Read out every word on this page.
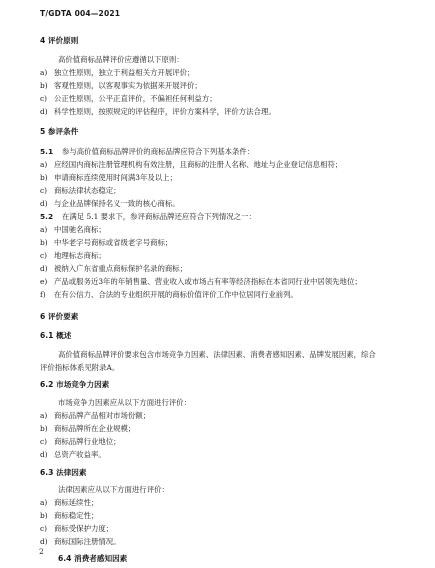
T/GDTA 004—2021
4 评价原则
高价值商标品牌评价应遵循以下原则：
a) 独立性原则，独立于利益相关方开展评价；
b) 客观性原则，以客观事实为依据来开展评价；
c) 公正性原则，公平正直评价，不偏袒任何利益方；
d) 科学性原则，按照规定的评估程序，评价方案科学，评价方法合理。
5 参评条件
5.1 参与高价值商标品牌评价的商标品牌应符合下列基本条件：
a) 应经国内商标注册管理机构有效注册，且商标的注册人名称、地址与企业登记信息相符；
b) 申请商标连续使用时间满3年及以上；
c) 商标法律状态稳定；
d) 与企业品牌保持名义一致的核心商标。
5.2 在满足 5.1 要求下，参评商标品牌还应符合下列情况之一：
a) 中国驰名商标；
b) 中华老字号商标或省级老字号商标；
c) 地理标志商标；
d) 被纳入广东省重点商标保护名录的商标；
e) 产品或服务近3年的年销售量、营业收入或市场占有率等经济指标在本省同行业中居领先地位；
f) 在有公信力、合法的专业组织开展的商标价值评价工作中位居同行业前列。
6 评价要素
6.1 概述
高价值商标品牌评价要求包含市场竞争力因素、法律因素、消费者感知因素、品牌发展因素，综合
评价指标体系见附录A。
6.2 市场竞争力因素
市场竞争力因素应从以下方面进行评价：
a) 商标品牌产品相对市场份额；
b) 商标品牌所在企业规模；
c) 商标品牌行业地位；
d) 总资产收益率。
6.3 法律因素
法律因素应从以下方面进行评价：
a) 商标延续性；
b) 商标稳定性；
c) 商标受保护力度；
d) 商标国际注册情况。
6.4 消费者感知因素
2
